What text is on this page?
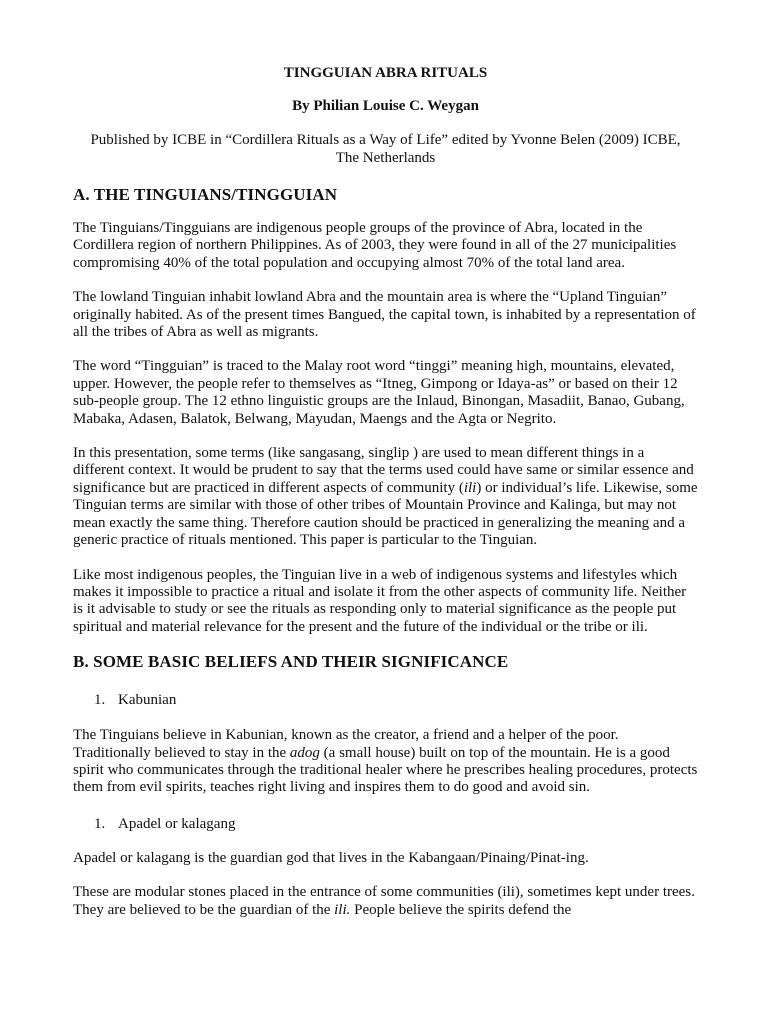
TINGGUIAN ABRA RITUALS

By Philian Louise C. Weygan

Published by ICBE in “Cordillera Rituals as a Way of Life” edited by Yvonne Belen (2009) ICBE,
The Netherlands

A. THE TINGUIANS/TINGGUIAN

The Tinguians/Tingguians are indigenous people groups of the province of Abra, located in the Cordillera region of northern Philippines. As of 2003, they were found in all of the 27 municipalities compromising 40% of the total population and occupying almost 70% of the total land area.

The lowland Tinguian inhabit lowland Abra and the mountain area is where the “Upland Tinguian” originally habited. As of the present times Bangued, the capital town, is inhabited by a representation of all the tribes of Abra as well as migrants.

The word “Tingguian” is traced to the Malay root word “tinggi” meaning high, mountains, elevated, upper. However, the people refer to themselves as “Itneg, Gimpong or Idaya-as” or based on their 12 sub-people group. The 12 ethno linguistic groups are the Inlaud, Binongan, Masadiit, Banao, Gubang, Mabaka, Adasen, Balatok, Belwang, Mayudan, Maengs and the Agta or Negrito.

In this presentation, some terms (like sangasang, singlip ) are used to mean different things in a different context. It would be prudent to say that the terms used could have same or similar essence and significance but are practiced in different aspects of community (ili) or individual’s life. Likewise, some Tinguian terms are similar with those of other tribes of Mountain Province and Kalinga, but may not mean exactly the same thing. Therefore caution should be practiced in generalizing the meaning and a generic practice of rituals mentioned. This paper is particular to the Tinguian.

Like most indigenous peoples, the Tinguian live in a web of indigenous systems and lifestyles which makes it impossible to practice a ritual and isolate it from the other aspects of community life. Neither is it advisable to study or see the rituals as responding only to material significance as the people put spiritual and material relevance for the present and the future of the individual or the tribe or ili.

B. SOME BASIC BELIEFS AND THEIR SIGNIFICANCE

1. Kabunian

The Tinguians believe in Kabunian, known as the creator, a friend and a helper of the poor. Traditionally believed to stay in the adog (a small house) built on top of the mountain. He is a good spirit who communicates through the traditional healer where he prescribes healing procedures, protects them from evil spirits, teaches right living and inspires them to do good and avoid sin.

1. Apadel or kalagang

Apadel or kalagang is the guardian god that lives in the Kabangaan/Pinaing/Pinat-ing.

These are modular stones placed in the entrance of some communities (ili), sometimes kept under trees. They are believed to be the guardian of the ili. People believe the spirits defend the
